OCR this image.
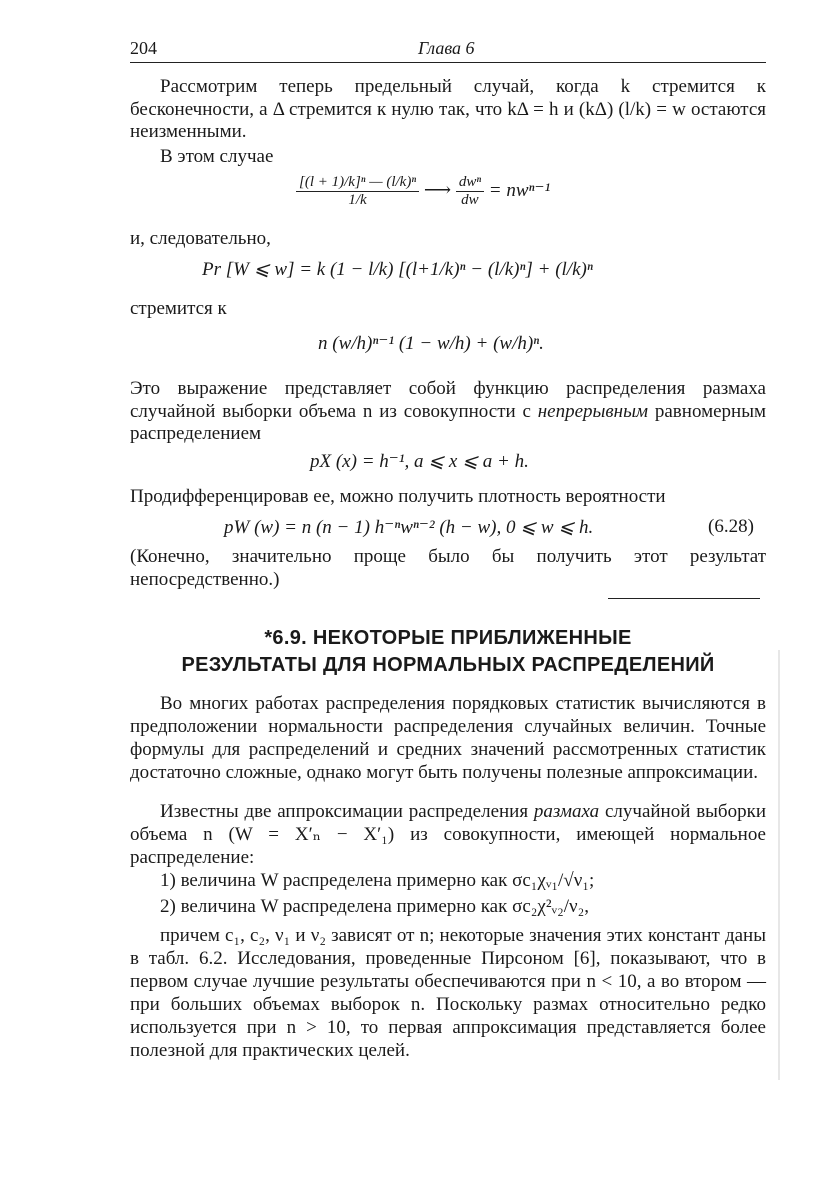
204	Глава 6
Рассмотрим теперь предельный случай, когда k стремится к бесконечности, а Δ стремится к нулю так, что kΔ = h и (kΔ) (l/k) = w остаются неизменными.
В этом случае
$\frac{\text{[(l + 1)/k]ⁿ — (l/k)ⁿ}}{1/k}$ ⟶ $\frac{\text{dwⁿ}}{dw} = nw^{n-1}$
и, следовательно,
Pr [W ⩽ w] = k (1 − l/k) [(l+1/k)ⁿ − (l/k)ⁿ] + (l/k)ⁿ
стремится к
n (w/h)ⁿ⁻¹ (1 − w/h) + (w/h)ⁿ.
Это выражение представляет собой функцию распределения размаха случайной выборки объема n из совокупности с непрерывным равномерным распределением
pX (x) = h⁻¹, a ⩽ x ⩽ a + h.
Продифференцировав ее, можно получить плотность вероятности
pW (w) = n (n − 1) h⁻ⁿwⁿ⁻² (h − w), 0 ⩽ w ⩽ h.	(6.28)
(Конечно, значительно проще было бы получить этот результат непосредственно.)
*6.9. НЕКОТОРЫЕ ПРИБЛИЖЕННЫЕ
РЕЗУЛЬТАТЫ ДЛЯ НОРМАЛЬНЫХ РАСПРЕДЕЛЕНИЙ
Во многих работах распределения порядковых статистик вычисляются в предположении нормальности распределения случайных величин. Точные формулы для распределений и средних значений рассмотренных статистик достаточно сложные, однако могут быть получены полезные аппроксимации.
Известны две аппроксимации распределения размаха случайной выборки объема n (W = X′ₙ − X′₁) из совокупности, имеющей нормальное распределение:
1) величина W распределена примерно как σc₁χᵥ₁/√ν₁;
2) величина W распределена примерно как σc₂χ²ᵥ₂/ν₂,
причем c₁, c₂, ν₁ и ν₂ зависят от n; некоторые значения этих констант даны в табл. 6.2. Исследования, проведенные Пирсоном [6], показывают, что в первом случае лучшие результаты обеспечиваются при n < 10, а во втором — при больших объемах выборок n. Поскольку размах относительно редко используется при n > 10, то первая аппроксимация представляется более полезной для практических целей.
